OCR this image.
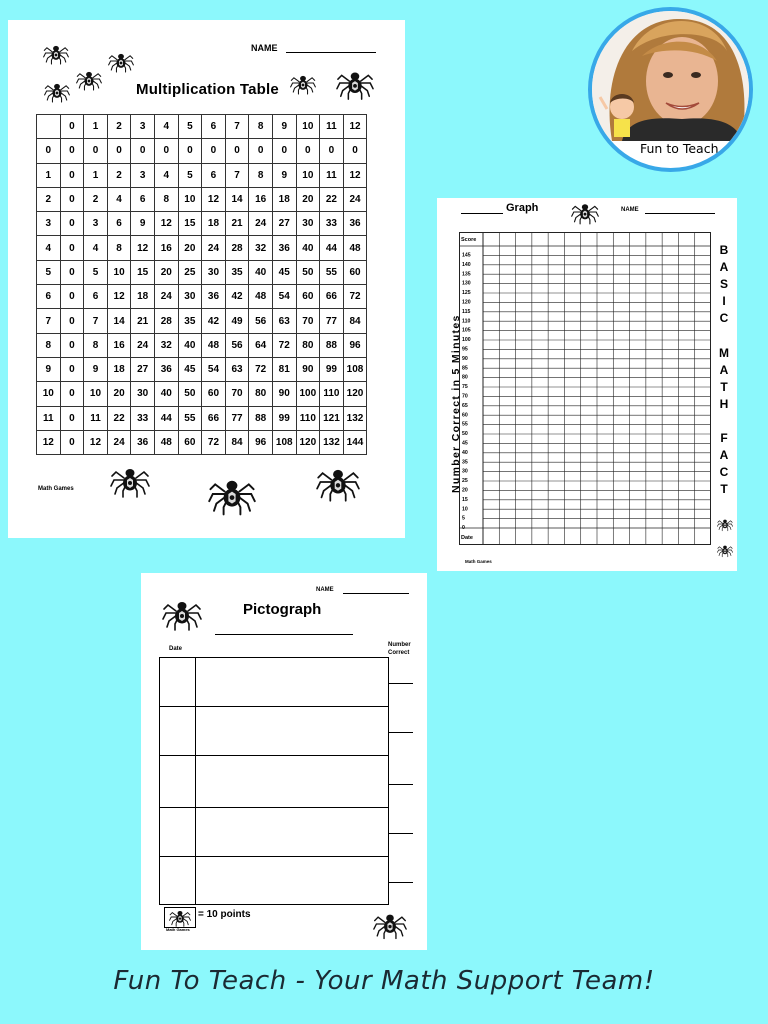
NAME
Multiplication Table
	0	1	2	3	4	5	6	7	8	9	10	11	12
0	0	0	0	0	0	0	0	0	0	0	0	0	0
1	0	1	2	3	4	5	6	7	8	9	10	11	12
2	0	2	4	6	8	10	12	14	16	18	20	22	24
3	0	3	6	9	12	15	18	21	24	27	30	33	36
4	0	4	8	12	16	20	24	28	32	36	40	44	48
5	0	5	10	15	20	25	30	35	40	45	50	55	60
6	0	6	12	18	24	30	36	42	48	54	60	66	72
7	0	7	14	21	28	35	42	49	56	63	70	77	84
8	0	8	16	24	32	40	48	56	64	72	80	88	96
9	0	9	18	27	36	45	54	63	72	81	90	99	108
10	0	10	20	30	40	50	60	70	80	90	100	110	120
11	0	11	22	33	44	55	66	77	88	99	110	121	132
12	0	12	24	36	48	60	72	84	96	108	120	132	144
Math Games
Graph	NAME
Number Correct in 5 Minutes
Score
145
140
135
130
125
120
115
110
105
100
95
90
85
80
75
70
65
60
55
50
45
40
35
30
25
20
15
10
5
0
Date
B
A
S
I
C
M
A
T
H
F
A
C
T
Math Games
NAME
Pictograph
Date
Number
Correct
= 10 points
Math Games
Fun to Teach
Fun To Teach - Your Math Support Team!
